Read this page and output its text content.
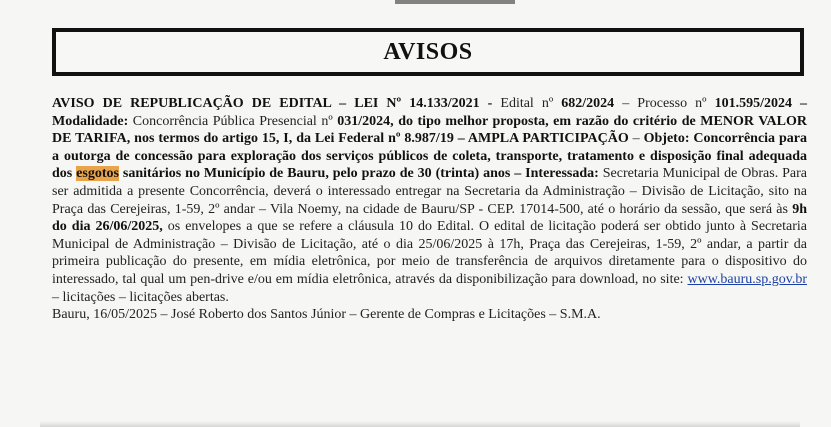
AVISOS
AVISO DE REPUBLICAÇÃO DE EDITAL – LEI Nº 14.133/2021 - Edital nº 682/2024 – Processo nº 101.595/2024 – Modalidade: Concorrência Pública Presencial nº 031/2024, do tipo melhor proposta, em razão do critério de MENOR VALOR DE TARIFA, nos termos do artigo 15, I, da Lei Federal nº 8.987/19 – AMPLA PARTICIPAÇÃO – Objeto: Concorrência para a outorga de concessão para exploração dos serviços públicos de coleta, transporte, tratamento e disposição final adequada dos esgotos sanitários no Município de Bauru, pelo prazo de 30 (trinta) anos – Interessada: Secretaria Municipal de Obras. Para ser admitida a presente Concorrência, deverá o interessado entregar na Secretaria da Administração – Divisão de Licitação, sito na Praça das Cerejeiras, 1-59, 2º andar – Vila Noemy, na cidade de Bauru/SP - CEP. 17014-500, até o horário da sessão, que será às 9h do dia 26/06/2025, os envelopes a que se refere a cláusula 10 do Edital. O edital de licitação poderá ser obtido junto à Secretaria Municipal de Administração – Divisão de Licitação, até o dia 25/06/2025 à 17h, Praça das Cerejeiras, 1-59, 2º andar, a partir da primeira publicação do presente, em mídia eletrônica, por meio de transferência de arquivos diretamente para o dispositivo do interessado, tal qual um pen-drive e/ou em mídia eletrônica, através da disponibilização para download, no site: www.bauru.sp.gov.br – licitações – licitações abertas.
Bauru, 16/05/2025 – José Roberto dos Santos Júnior – Gerente de Compras e Licitações – S.M.A.
